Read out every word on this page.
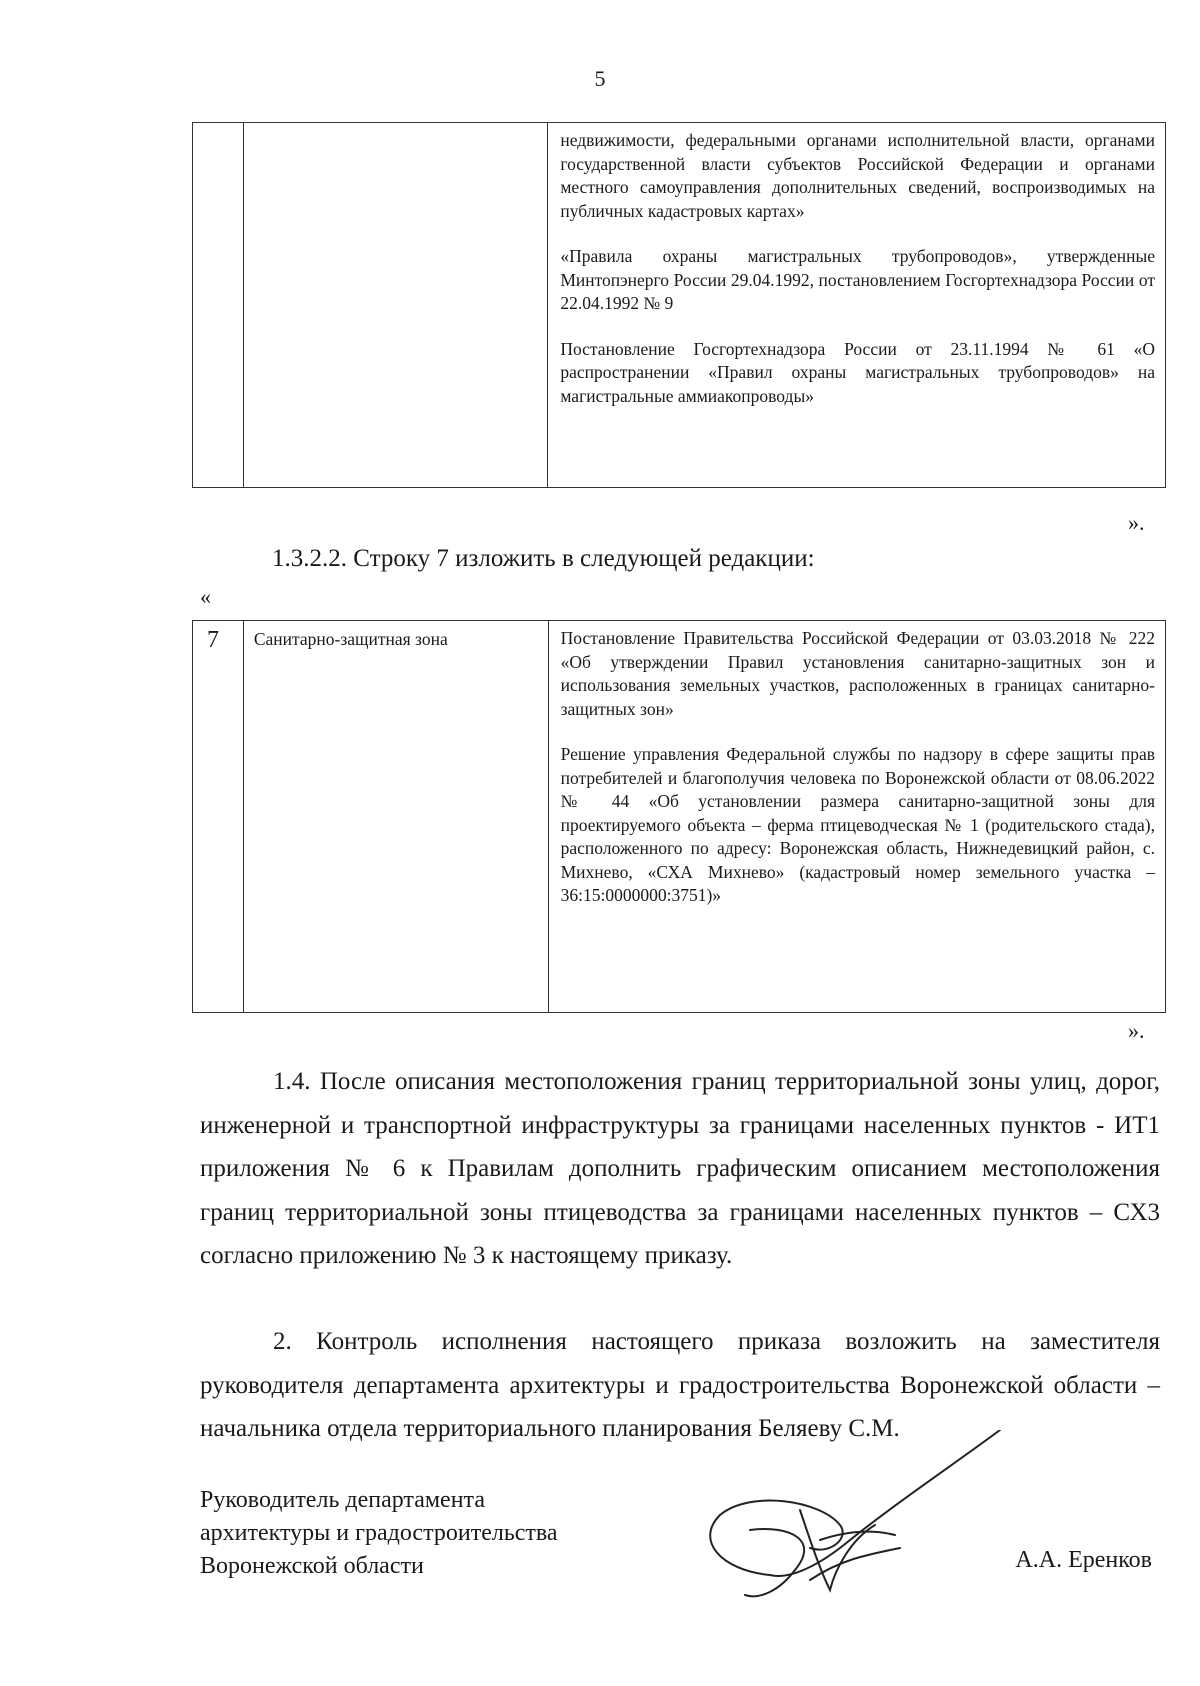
5

недвижимости, федеральными органами исполнительной власти, органами государственной власти субъектов Российской Федерации и органами местного самоуправления дополнительных сведений, воспроизводимых на публичных кадастровых картах»

«Правила охраны магистральных трубопроводов», утвержденные Минтопэнерго России 29.04.1992, постановлением Госгортехнадзора России от 22.04.1992 № 9

Постановление Госгортехнадзора России от 23.11.1994 № 61 «О распространении «Правил охраны магистральных трубопроводов» на магистральные аммиакопроводы»

».
1.3.2.2. Строку 7 изложить в следующей редакции:
«
7	Санитарно-защитная зона	Постановление Правительства Российской Федерации от 03.03.2018 № 222 «Об утверждении Правил установления санитарно-защитных зон и использования земельных участков, расположенных в границах санитарно-защитных зон»

Решение управления Федеральной службы по надзору в сфере защиты прав потребителей и благополучия человека по Воронежской области от 08.06.2022 № 44 «Об установлении размера санитарно-защитной зоны для проектируемого объекта – ферма птицеводческая № 1 (родительского стада), расположенного по адресу: Воронежская область, Нижнедевицкий район, с. Михнево, «СХА Михнево» (кадастровый номер земельного участка – 36:15:0000000:3751)»

».

1.4. После описания местоположения границ территориальной зоны улиц, дорог, инженерной и транспортной инфраструктуры за границами населенных пунктов - ИТ1 приложения № 6 к Правилам дополнить графическим описанием местоположения границ территориальной зоны птицеводства за границами населенных пунктов – СХ3 согласно приложению № 3 к настоящему приказу.

2. Контроль исполнения настоящего приказа возложить на заместителя руководителя департамента архитектуры и градостроительства Воронежской области – начальника отдела территориального планирования Беляеву С.М.

Руководитель департамента
архитектуры и градостроительства
Воронежской области	А.А. Еренков
